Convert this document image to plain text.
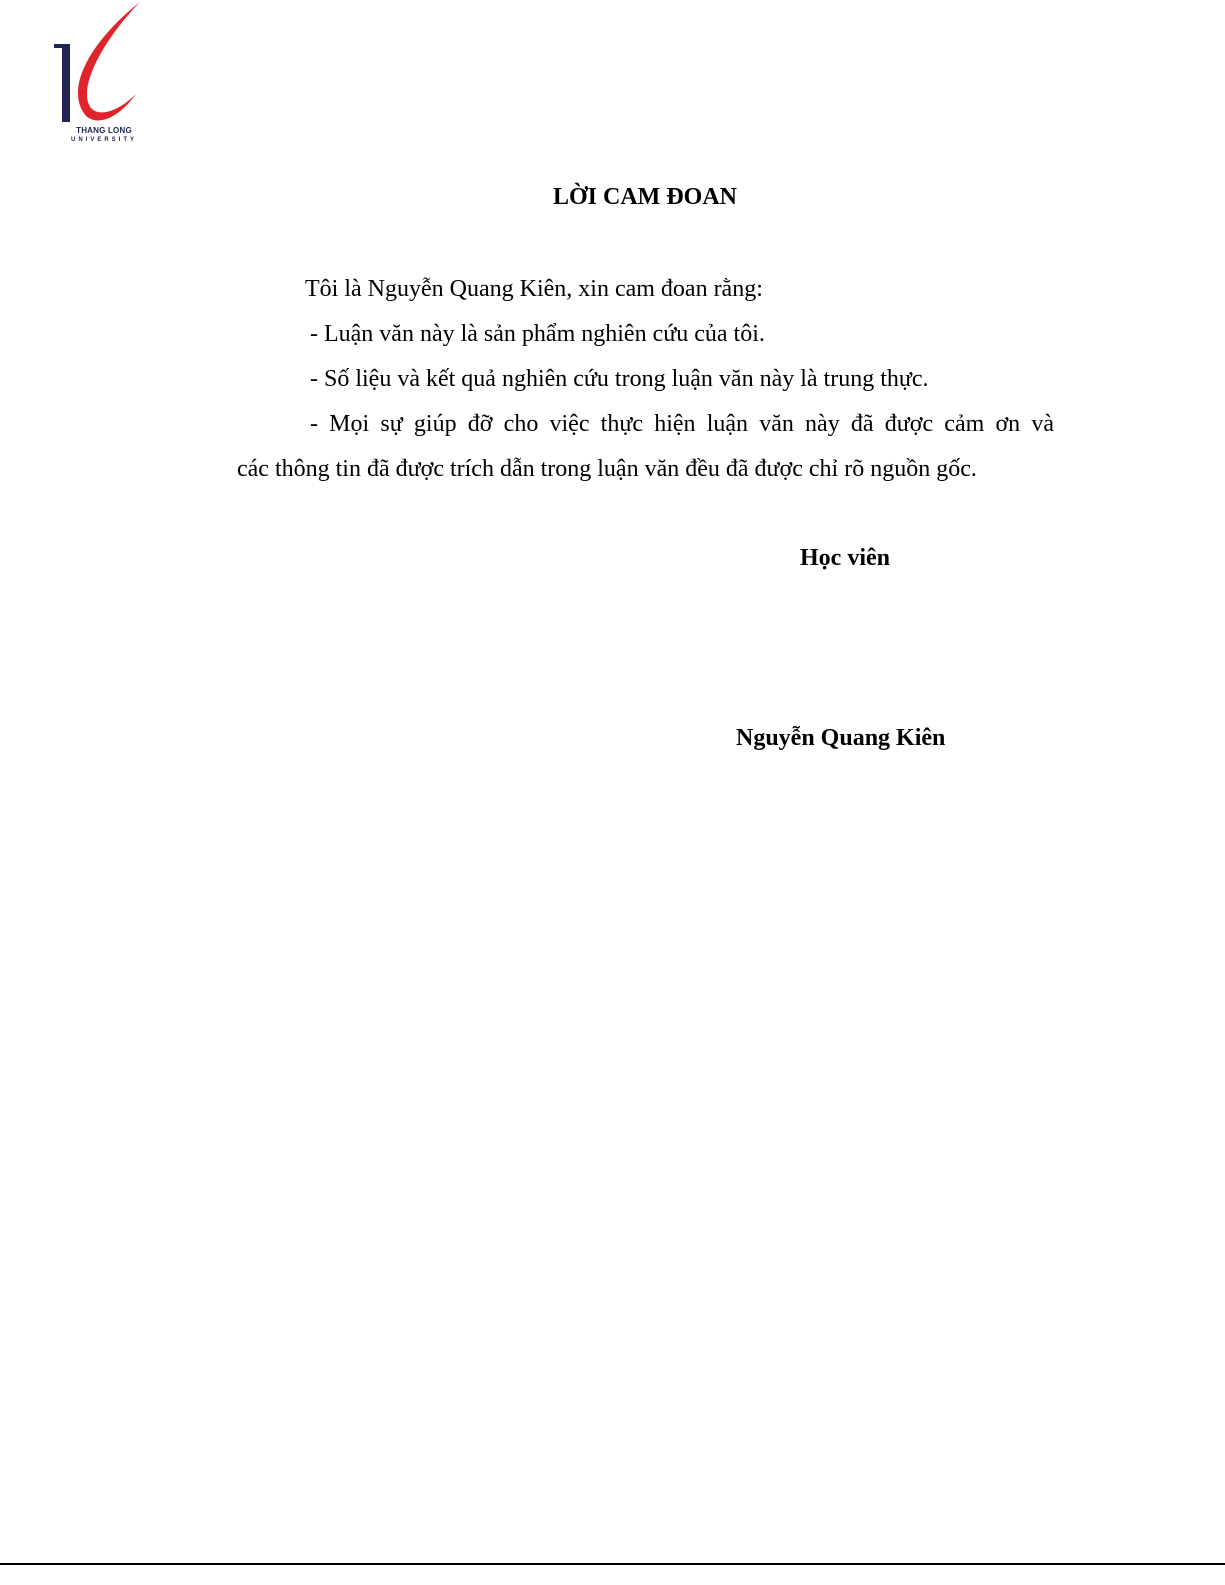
THANG LONG
UNIVERSITY
LỜI CAM ĐOAN
Tôi là Nguyễn Quang Kiên, xin cam đoan rằng:
- Luận văn này là sản phẩm nghiên cứu của tôi.
- Số liệu và kết quả nghiên cứu trong luận văn này là trung thực.
- Mọi sự giúp đỡ cho việc thực hiện luận văn này đã được cảm ơn và
các thông tin đã được trích dẫn trong luận văn đều đã được chỉ rõ nguồn gốc.
Học viên
Nguyễn Quang Kiên
